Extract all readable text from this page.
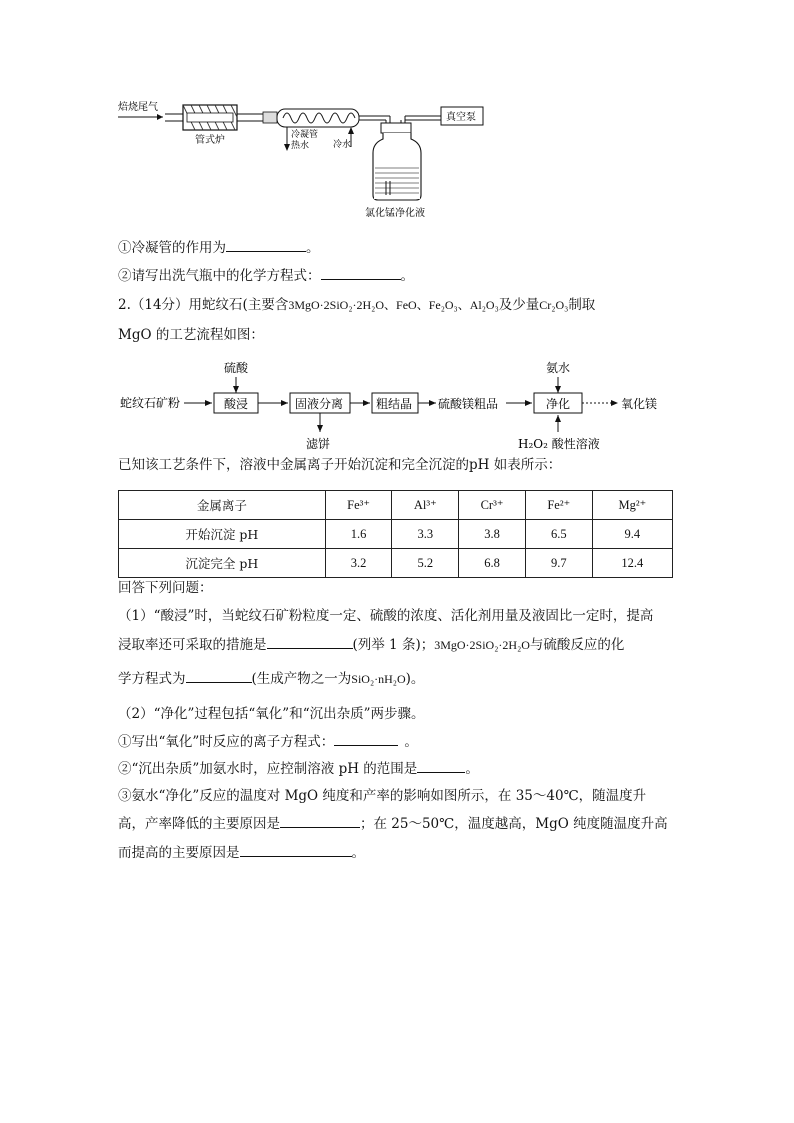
焙烧尾气
管式炉	冷凝管
热水	冷水
真空泵
氯化锰净化液
①冷凝管的作用为	。
②请写出洗气瓶中的化学方程式：	。
2.（14分）用蛇纹石(主要含3MgO·2SiO₂·2H₂O、FeO、Fe₂O₃、Al₂O₃及少量Cr₂O₃制取
MgO 的工艺流程如图：
蛇纹石矿粉
硫酸
酸浸	固液分离
滤饼
粗结晶 硫酸镁粗品
氨水
净化
H₂O₂ 酸性溶液
氧化镁
已知该工艺条件下，溶液中金属离子开始沉淀和完全沉淀的pH 如表所示：
金属离子	Fe³⁺	Al³⁺	Cr³⁺	Fe²⁺	Mg²⁺
开始沉淀 pH	1.6	3.3	3.8	6.5	9.4
沉淀完全 pH	3.2	5.2	6.8	9.7	12.4
回答下列问题：
（1）“酸浸”时，当蛇纹石矿粉粒度一定、硫酸的浓度、活化剂用量及液固比一定时，提高
浸取率还可采取的措施是	(列举 1 条)；3MgO·2SiO₂·2H₂O与硫酸反应的化
学方程式为	(生成产物之一为SiO₂·nH₂O)。
（2）“净化”过程包括“氧化”和“沉出杂质”两步骤。
①写出“氧化”时反应的离子方程式：	。
②“沉出杂质”加氨水时，应控制溶液 pH 的范围是	。
③氨水“净化”反应的温度对 MgO 纯度和产率的影响如图所示，在 35～40℃，随温度升
高，产率降低的主要原因是	；在 25～50℃，温度越高，MgO 纯度随温度升高
而提高的主要原因是	。
